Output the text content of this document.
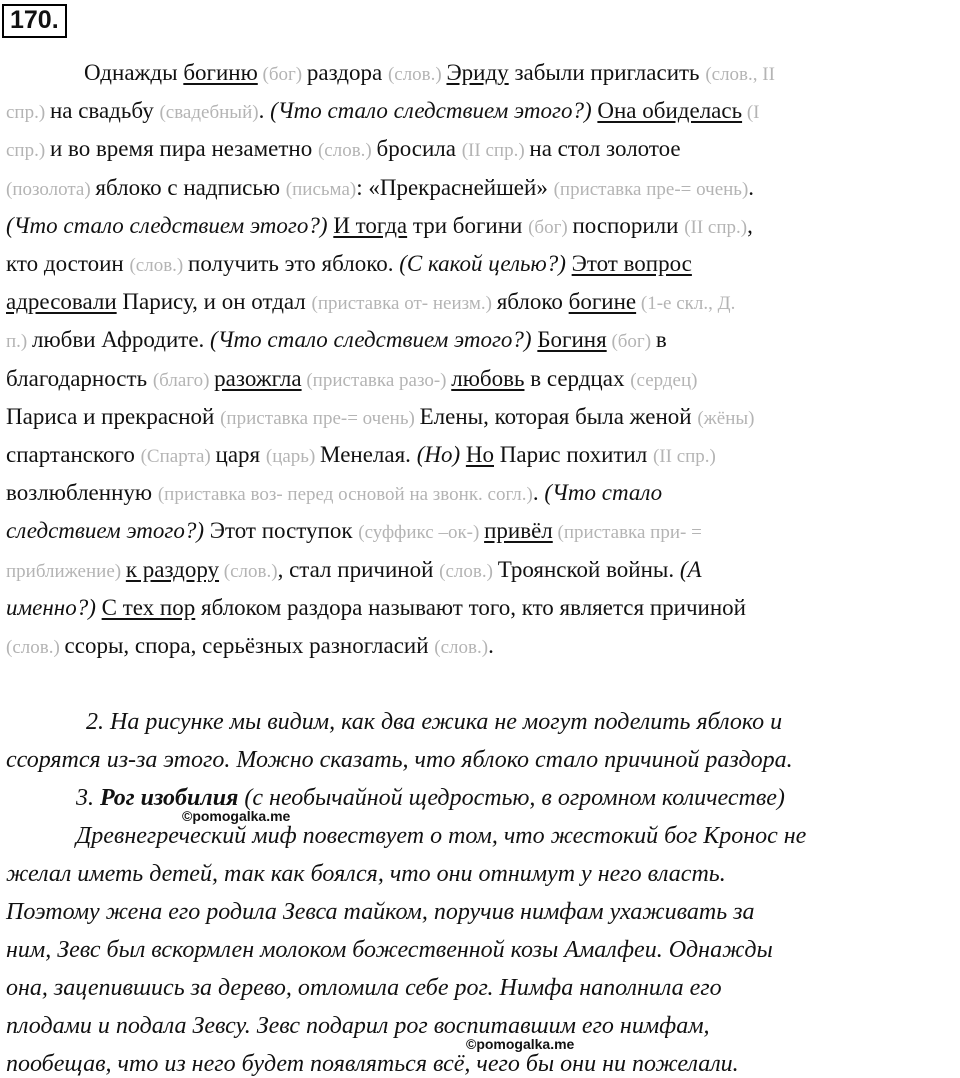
170.
Однажды богиню (бог) раздора (слов.) Эриду забыли пригласить (слов., II
спр.) на свадьбу (свадебный). (Что стало следствием этого?) Она обиделась (I
спр.) и во время пира незаметно (слов.) бросила (II спр.) на стол золотое
(позолота) яблоко с надписью (письма): «Прекраснейшей» (приставка пре-= очень).
(Что стало следствием этого?) И тогда три богини (бог) поспорили (II спр.),
кто достоин (слов.) получить это яблоко. (С какой целью?) Этот вопрос
адресовали Парису, и он отдал (приставка от- неизм.) яблоко богине (1-е скл., Д.
п.) любви Афродите. (Что стало следствием этого?) Богиня (бог) в
благодарность (благо) разожгла (приставка разо-) любовь в сердцах (сердец)
Париса и прекрасной (приставка пре-= очень) Елены, которая была женой (жёны)
спартанского (Спарта) царя (царь) Менелая. (Но) Но Парис похитил (II спр.)
возлюбленную (приставка воз- перед основой на звонк. согл.). (Что стало
следствием этого?) Этот поступок (суффикс –ок-) привёл (приставка при- =
приближение) к раздору (слов.), стал причиной (слов.) Троянской войны. (А
именно?) С тех пор яблоком раздора называют того, кто является причиной
(слов.) ссоры, спора, серьёзных разногласий (слов.).
2. На рисунке мы видим, как два ежика не могут поделить яблоко и
ссорятся из-за этого. Можно сказать, что яблоко стало причиной раздора.
3. Рог изобилия (с необычайной щедростью, в огромном количестве)
Древнегреческий миф повествует о том, что жестокий бог Кронос не
желал иметь детей, так как боялся, что они отнимут у него власть.
Поэтому жена его родила Зевса тайком, поручив нимфам ухаживать за
ним, Зевс был вскормлен молоком божественной козы Амалфеи. Однажды
она, зацепившись за дерево, отломила себе рог. Нимфа наполнила его
плодами и подала Зевсу. Зевс подарил рог воспитавшим его нимфам,
пообещав, что из него будет появляться всё, чего бы они ни пожелали.
©pomogalka.me
©pomogalka.me
